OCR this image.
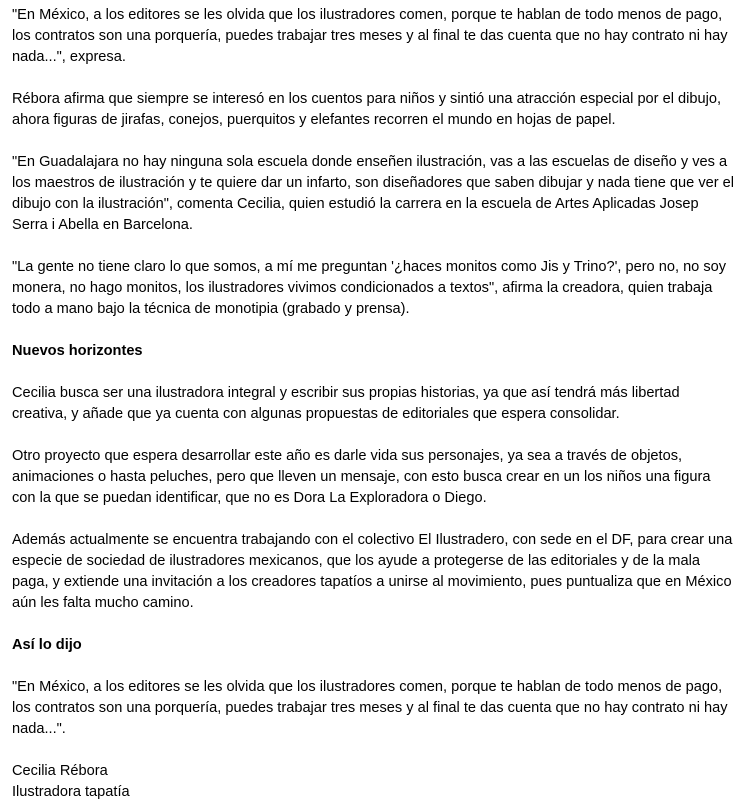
"En México, a los editores se les olvida que los ilustradores comen, porque te hablan de todo menos de pago, los contratos son una porquería, puedes trabajar tres meses y al final te das cuenta que no hay contrato ni hay nada...", expresa.

Rébora afirma que siempre se interesó en los cuentos para niños y sintió una atracción especial por el dibujo, ahora figuras de jirafas, conejos, puerquitos y elefantes recorren el mundo en hojas de papel.

"En Guadalajara no hay ninguna sola escuela donde enseñen ilustración, vas a las escuelas de diseño y ves a los maestros de ilustración y te quiere dar un infarto, son diseñadores que saben dibujar y nada tiene que ver el dibujo con la ilustración", comenta Cecilia, quien estudió la carrera en la escuela de Artes Aplicadas Josep Serra i Abella en Barcelona.

"La gente no tiene claro lo que somos, a mí me preguntan '¿haces monitos como Jis y Trino?', pero no, no soy monera, no hago monitos, los ilustradores vivimos condicionados a textos", afirma la creadora, quien trabaja todo a mano bajo la técnica de monotipia (grabado y prensa).

Nuevos horizontes

Cecilia busca ser una ilustradora integral y escribir sus propias historias, ya que así tendrá más libertad creativa, y añade que ya cuenta con algunas propuestas de editoriales que espera consolidar.

Otro proyecto que espera desarrollar este año es darle vida sus personajes, ya sea a través de objetos, animaciones o hasta peluches, pero que lleven un mensaje, con esto busca crear en un los niños una figura con la que se puedan identificar, que no es Dora La Exploradora o Diego.

Además actualmente se encuentra trabajando con el colectivo El Ilustradero, con sede en el DF, para crear una especie de sociedad de ilustradores mexicanos, que los ayude a protegerse de las editoriales y de la mala paga, y extiende una invitación a los creadores tapatíos a unirse al movimiento, pues puntualiza que en México aún les falta mucho camino.

Así lo dijo

"En México, a los editores se les olvida que los ilustradores comen, porque te hablan de todo menos de pago, los contratos son una porquería, puedes trabajar tres meses y al final te das cuenta que no hay contrato ni hay nada...".

Cecilia Rébora
Ilustradora tapatía
